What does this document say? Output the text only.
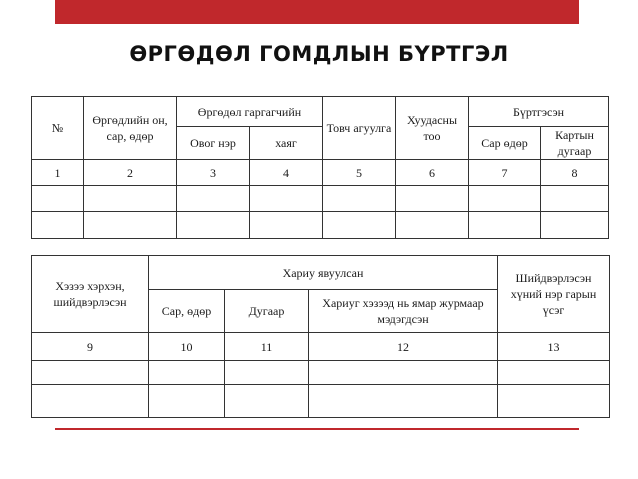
ӨРГӨДӨЛ ГОМДЛЫН БҮРТГЭЛ
№	Өргөдлийн он, сар, өдөр	Өргөдөл гаргагчийн		Товч агуулга	Хуудасны тоо	Бүртгэсэн	
		Овог нэр	хаяг			Сар өдөр	Картын дугаар
1	2	3	4	5	6	7	8

Хэзээ хэрхэн, шийдвэрлэсэн	Хариу явуулсан			Шийдвэрлэсэн хүний нэр гарын үсэг
	Сар, өдөр	Дугаар	Хариуг хэзээд нь ямар журмаар мэдэгдсэн	
9	10	11	12	13
